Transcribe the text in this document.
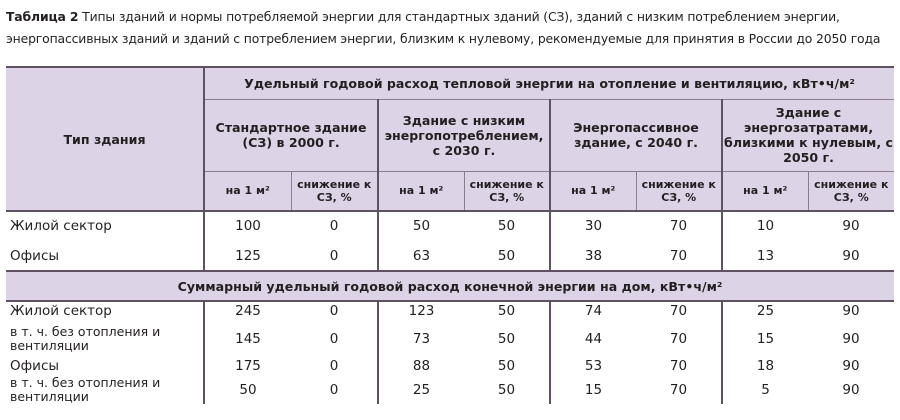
Таблица 2 Типы зданий и нормы потребляемой энергии для стандартных зданий (СЗ), зданий с низким потреблением энергии, энергопассивных зданий и зданий с потреблением энергии, близким к нулевому, рекомендуемые для принятия в России до 2050 года
Тип здания	Удельный годовой расход тепловой энергии на отопление и вентиляцию, кВт•ч/м²							
	Стандартное здание (СЗ) в 2000 г.		Здание с низким энергопотреблением, с 2030 г.		Энергопассивное здание, с 2040 г.		Здание с энергозатратами, близкими к нулевым, с 2050 г.	
	на 1 м²	снижение к СЗ, %	на 1 м²	снижение к СЗ, %	на 1 м²	снижение к СЗ, %	на 1 м²	снижение к СЗ, %
Жилой сектор	100	0	50	50	30	70	10	90
Офисы	125	0	63	50	38	70	13	90
Суммарный удельный годовой расход конечной энергии на дом, кВт•ч/м²								
Жилой сектор	245	0	123	50	74	70	25	90
в т. ч. без отопления и вентиляции	145	0	73	50	44	70	15	90
Офисы	175	0	88	50	53	70	18	90
в т. ч. без отопления и вентиляции	50	0	25	50	15	70	5	90
